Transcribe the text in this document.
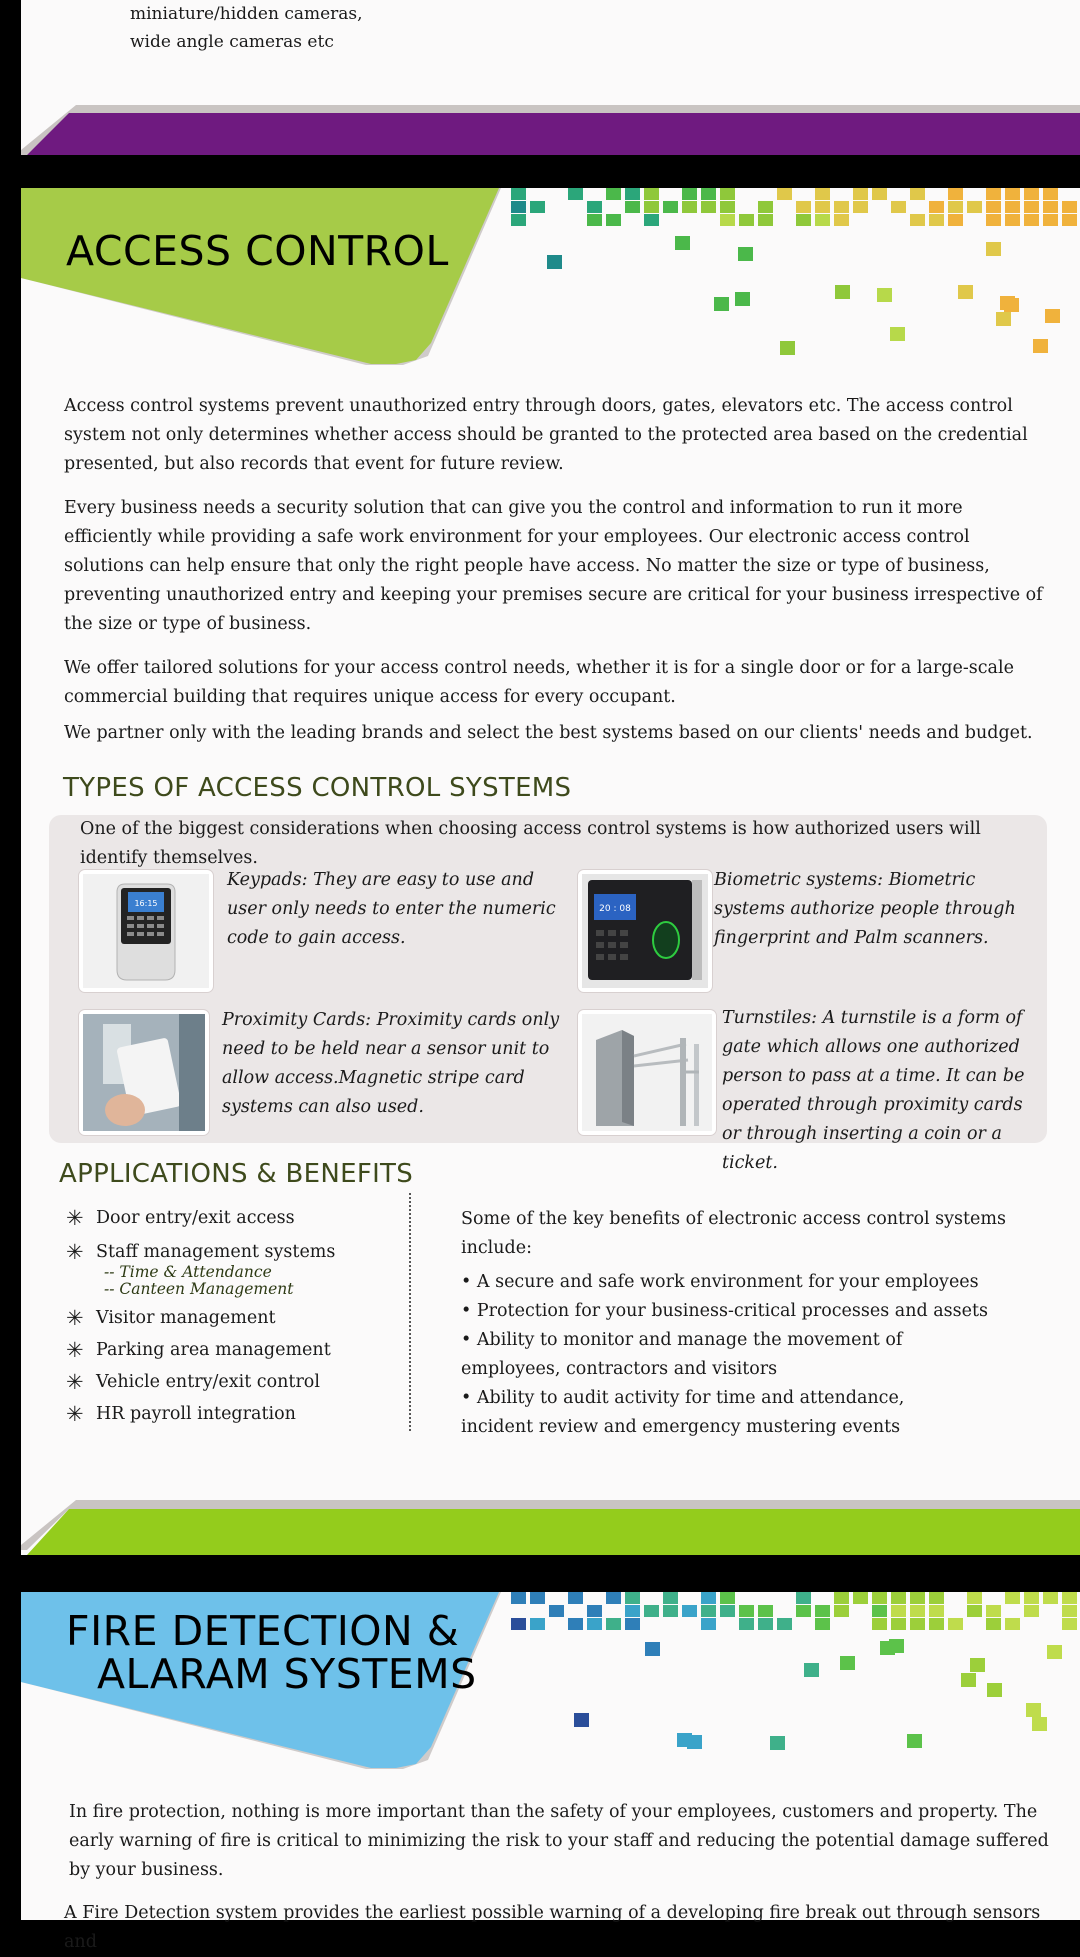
miniature/hidden cameras,
wide angle cameras etc
ACCESS CONTROL

Access control systems prevent unauthorized entry through doors, gates, elevators etc. The access control system not only determines whether access should be granted to the protected area based on the credential presented, but also records that event for future review.

Every business needs a security solution that can give you the control and information to run it more efficiently while providing a safe work environment for your employees. Our electronic access control solutions can help ensure that only the right people have access. No matter the size or type of business, preventing unauthorized entry and keeping your premises secure are critical for your business irrespective of the size or type of business.

We offer tailored solutions for your access control needs, whether it is for a single door or for a large-scale commercial building that requires unique access for every occupant.

We partner only with the leading brands and select the best systems based on our clients' needs and budget.

TYPES OF ACCESS CONTROL SYSTEMS

One of the biggest considerations when choosing access control systems is how authorized users will identify themselves.

16:15

Keypads: They are easy to use and user only needs to enter the numeric code to gain access.

20 : 08

Biometric systems: Biometric systems authorize people through fingerprint and Palm scanners.

Proximity Cards: Proximity cards only need to be held near a sensor unit to allow access.Magnetic stripe card systems can also used.

Turnstiles: A turnstile is a form of gate which allows one authorized person to pass at a time. It can be operated through proximity cards or through inserting a coin or a ticket.

APPLICATIONS & BENEFITS
✳ Door entry/exit access
✳ Staff management systems
-- Time & Attendance
-- Canteen Management
✳ Visitor management
✳ Parking area management
✳ Vehicle entry/exit control
✳ HR payroll integration

Some of the key benefits of electronic access control systems include:

• A secure and safe work environment for your employees

• Protection for your business-critical processes and assets

• Ability to monitor and manage the movement of employees, contractors and visitors

• Ability to audit activity for time and attendance, incident review and emergency mustering events

FIRE DETECTION &
ALARAM SYSTEMS

In fire protection, nothing is more important than the safety of your employees, customers and property. The early warning of fire is critical to minimizing the risk to your staff and reducing the potential damage suffered by your business.

A Fire Detection system provides the earliest possible warning of a developing fire break out through sensors and
